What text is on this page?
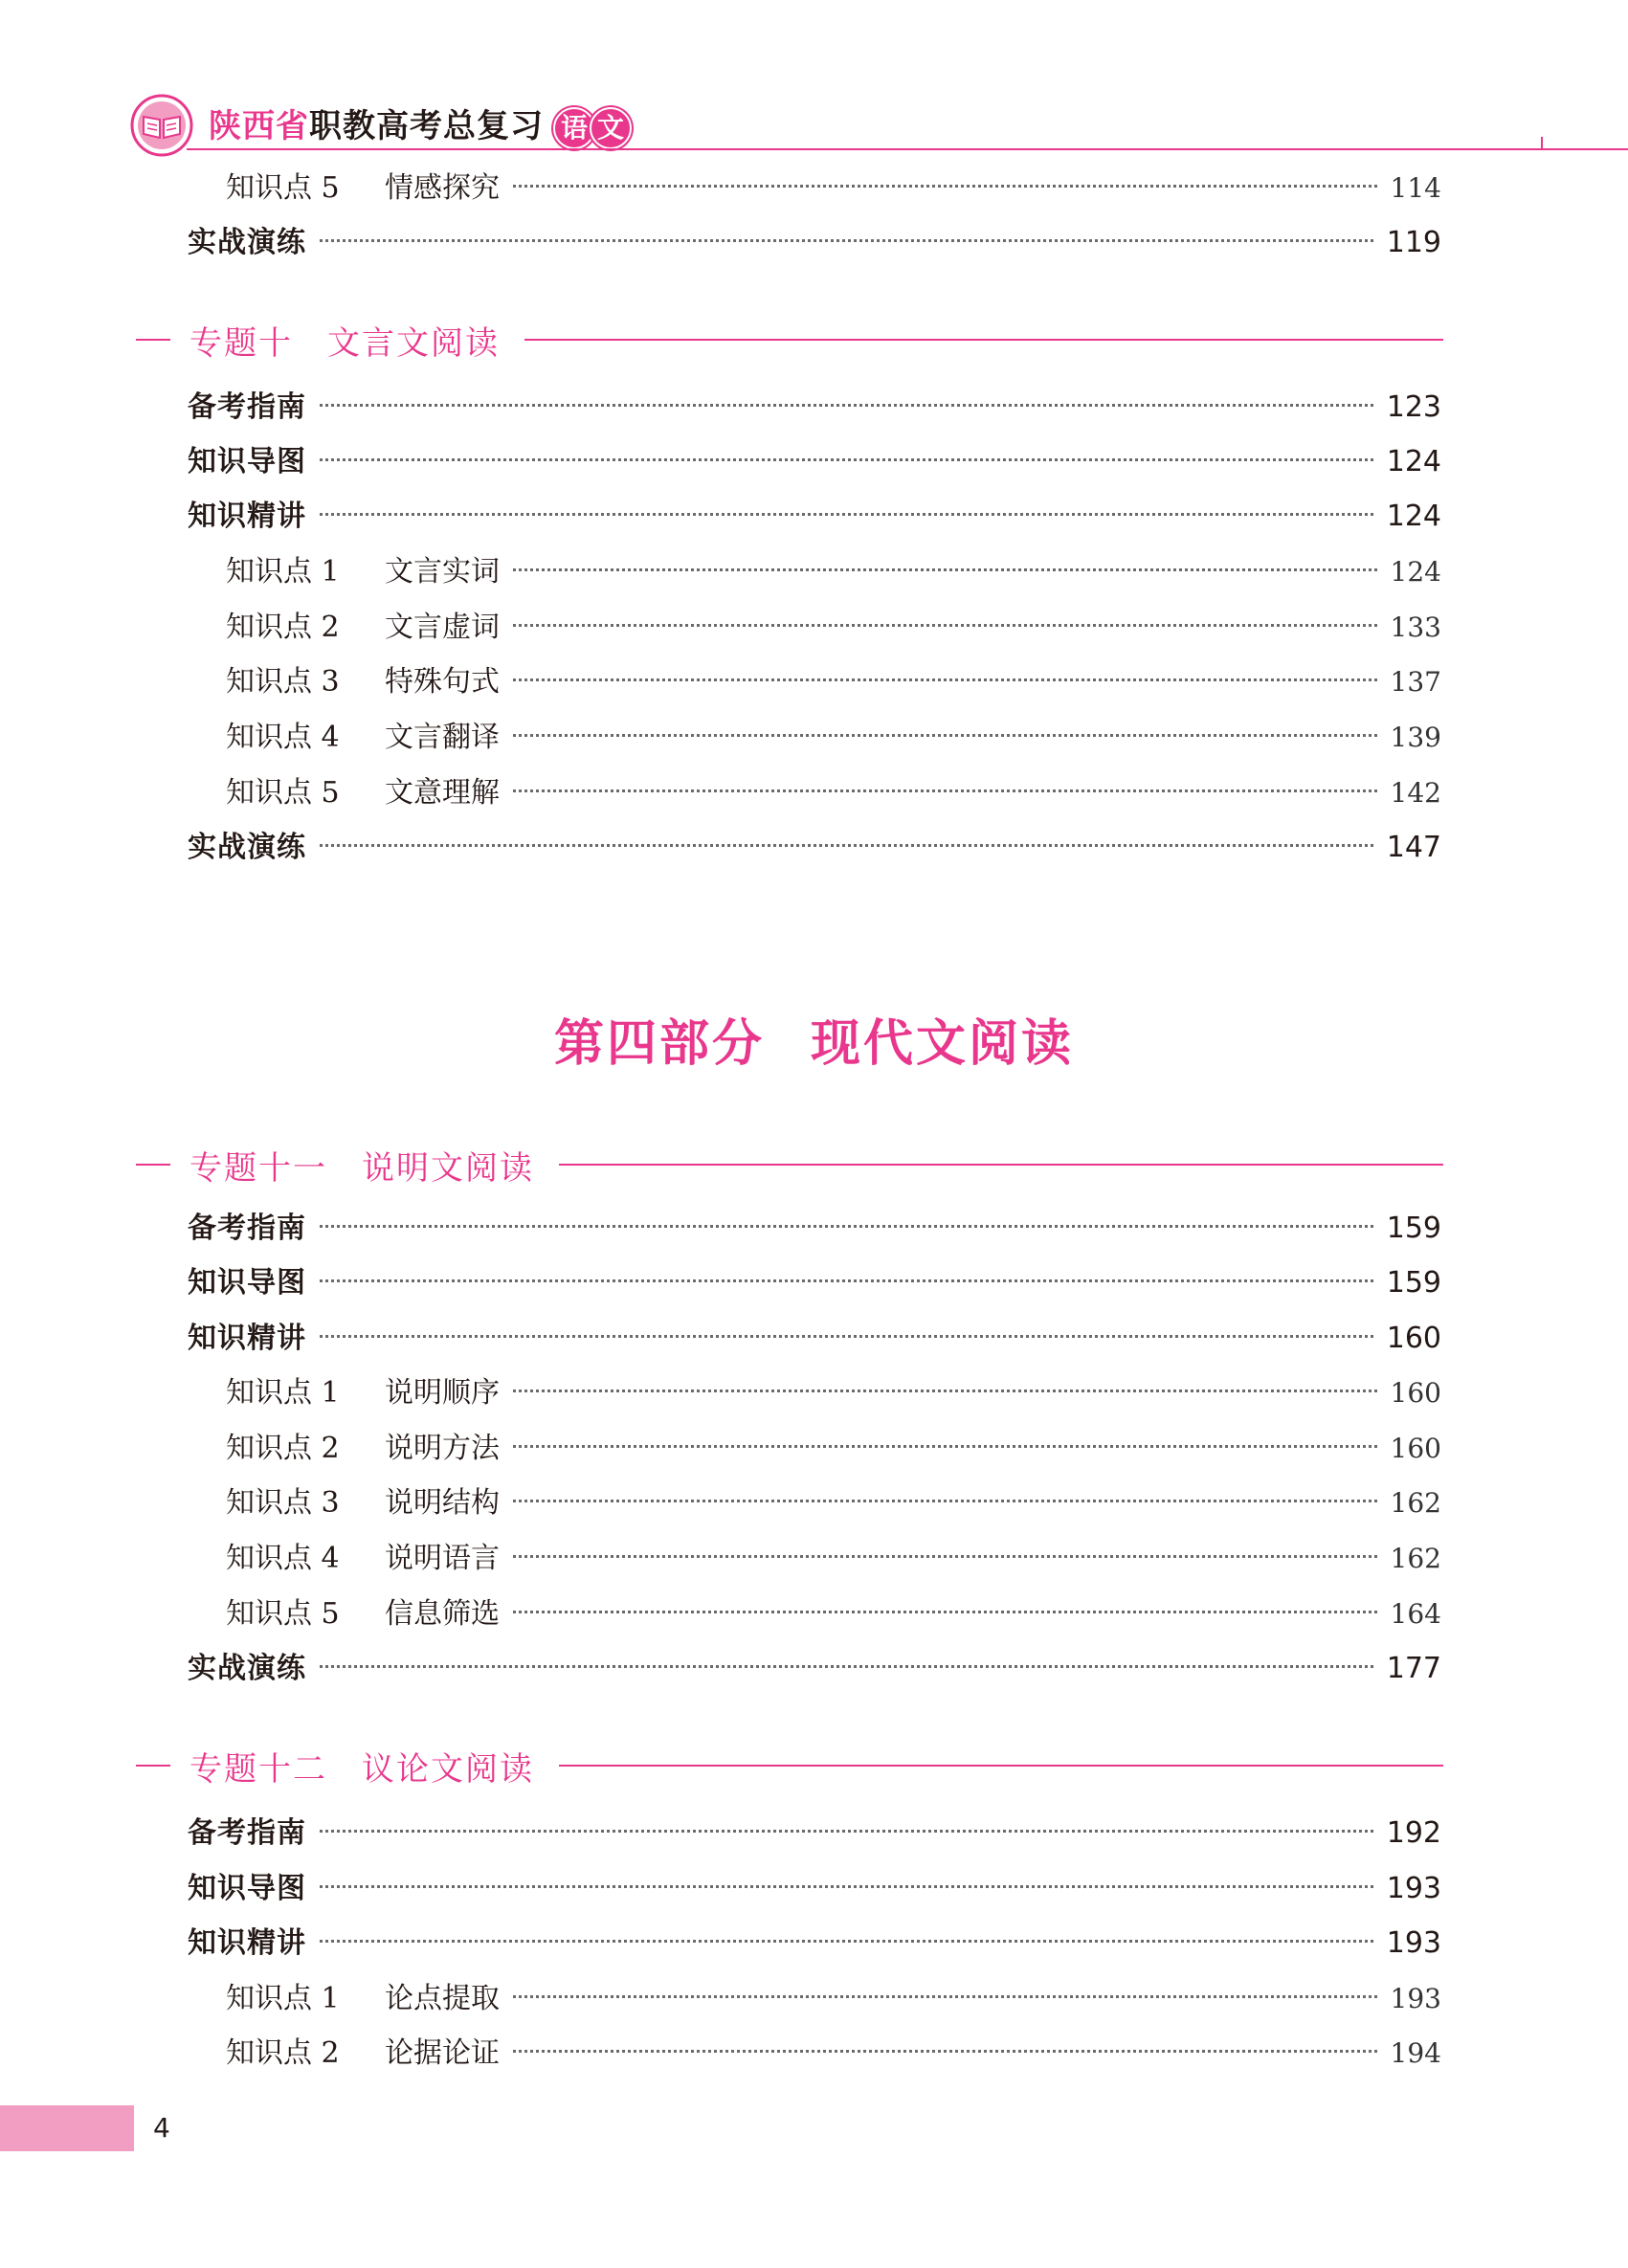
陕西省职教高考总复习 语 文
知识点 5 情感探究	114
实战演练	119
专题十 文言文阅读
备考指南	123
知识导图	124
知识精讲	124
知识点 1 文言实词	124
知识点 2 文言虚词	133
知识点 3 特殊句式	137
知识点 4 文言翻译	139
知识点 5 文意理解	142
实战演练	147
第四部分 现代文阅读
专题十一 说明文阅读
备考指南	159
知识导图	159
知识精讲	160
知识点 1 说明顺序	160
知识点 2 说明方法	160
知识点 3 说明结构	162
知识点 4 说明语言	162
知识点 5 信息筛选	164
实战演练	177
专题十二 议论文阅读
备考指南	192
知识导图	193
知识精讲	193
知识点 1 论点提取	193
知识点 2 论据论证	194
4
